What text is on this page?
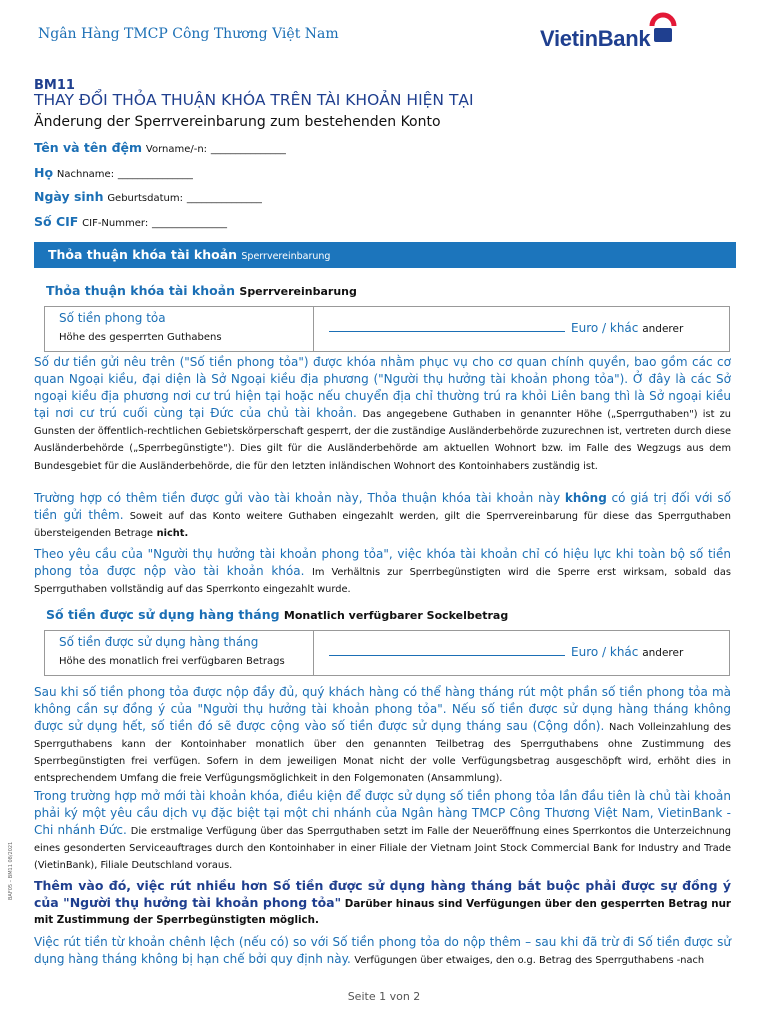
Ngân Hàng TMCP Công Thương Việt Nam	VietinBank
BM11
THAY ĐỔI THỎA THUẬN KHÓA TRÊN TÀI KHOẢN HIỆN TẠI
Änderung der Sperrvereinbarung zum bestehenden Konto
Tên và tên đệm Vorname/-n: _______________
Họ Nachname: _______________
Ngày sinh Geburtsdatum: _______________
Số CIF CIF-Nummer: _______________
Thỏa thuận khóa tài khoản Sperrvereinbarung
Thỏa thuận khóa tài khoản Sperrvereinbarung
Số tiền phong tỏa
Höhe des gesperrten Guthabens
Euro / khác anderer
Số dư tiền gửi nêu trên ("Số tiền phong tỏa") được khóa nhằm phục vụ cho cơ quan chính quyền, bao gồm các cơ quan Ngoại kiều, đại diện là Sở Ngoại kiều địa phương ("Người thụ hưởng tài khoản phong tỏa"). Ở đây là các Sở ngoại kiều địa phương nơi cư trú hiện tại hoặc nếu chuyển địa chỉ thường trú ra khỏi Liên bang thì là Sở ngoại kiều tại nơi cư trú cuối cùng tại Đức của chủ tài khoản. Das angegebene Guthaben in genannter Höhe („Sperrguthaben") ist zu Gunsten der öffentlich-rechtlichen Gebietskörperschaft gesperrt, der die zuständige Ausländerbehörde zuzurechnen ist, vertreten durch diese Ausländerbehörde („Sperrbegünstigte"). Dies gilt für die Ausländerbehörde am aktuellen Wohnort bzw. im Falle des Wegzugs aus dem Bundesgebiet für die Ausländerbehörde, die für den letzten inländischen Wohnort des Kontoinhabers zuständig ist.
Trường hợp có thêm tiền được gửi vào tài khoản này, Thỏa thuận khóa tài khoản này không có giá trị đối với số tiền gửi thêm. Soweit auf das Konto weitere Guthaben eingezahlt werden, gilt die Sperrvereinbarung für diese das Sperrguthaben übersteigenden Betrage nicht.
Theo yêu cầu của "Người thụ hưởng tài khoản phong tỏa", việc khóa tài khoản chỉ có hiệu lực khi toàn bộ số tiền phong tỏa được nộp vào tài khoản khóa. Im Verhältnis zur Sperrbegünstigten wird die Sperre erst wirksam, sobald das Sperrguthaben vollständig auf das Sperrkonto eingezahlt wurde.
Số tiền được sử dụng hàng tháng Monatlich verfügbarer Sockelbetrag
Số tiền được sử dụng hàng tháng
Höhe des monatlich frei verfügbaren Betrags
Euro / khác anderer
Sau khi số tiền phong tỏa được nộp đầy đủ, quý khách hàng có thể hàng tháng rút một phần số tiền phong tỏa mà không cần sự đồng ý của "Người thụ hưởng tài khoản phong tỏa". Nếu số tiền được sử dụng hàng tháng không được sử dụng hết, số tiền đó sẽ được cộng vào số tiền được sử dụng tháng sau (Cộng dồn). Nach Volleinzahlung des Sperrguthabens kann der Kontoinhaber monatlich über den genannten Teilbetrag des Sperrguthabens ohne Zustimmung des Sperrbegünstigten frei verfügen. Sofern in dem jeweiligen Monat nicht der volle Verfügungsbetrag ausgeschöpft wird, erhöht dies in entsprechendem Umfang die freie Verfügungsmöglichkeit in den Folgemonaten (Ansammlung).
Trong trường hợp mở mới tài khoản khóa, điều kiện để được sử dụng số tiền phong tỏa lần đầu tiên là chủ tài khoản phải ký một yêu cầu dịch vụ đặc biệt tại một chi nhánh của Ngân hàng TMCP Công Thương Việt Nam, VietinBank - Chi nhánh Đức. Die erstmalige Verfügung über das Sperrguthaben setzt im Falle der Neueröffnung eines Sperrkontos die Unterzeichnung eines gesonderten Serviceauftrages durch den Kontoinhaber in einer Filiale der Vietnam Joint Stock Commercial Bank for Industry and Trade (VietinBank), Filiale Deutschland voraus.
Thêm vào đó, việc rút nhiều hơn Số tiền được sử dụng hàng tháng bắt buộc phải được sự đồng ý của "Người thụ hưởng tài khoản phong tỏa" Darüber hinaus sind Verfügungen über den gesperrten Betrag nur mit Zustimmung der Sperrbegünstigten möglich.
Việc rút tiền từ khoản chênh lệch (nếu có) so với Số tiền phong tỏa do nộp thêm – sau khi đã trừ đi Số tiền được sử dụng hàng tháng không bị hạn chế bởi quy định này. Verfügungen über etwaiges, den o.g. Betrag des Sperrguthabens -nach
BAF05 – BM11 08/2021
Seite 1 von 2
